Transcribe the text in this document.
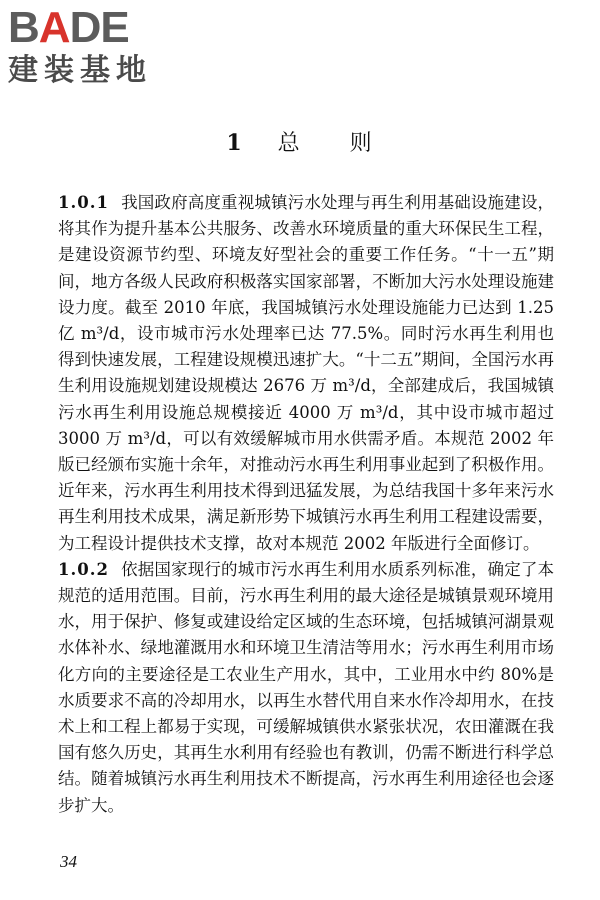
BADE
建装基地
1 总 则

1.0.1 我国政府高度重视城镇污水处理与再生利用基础设施建设，将其作为提升基本公共服务、改善水环境质量的重大环保民生工程，是建设资源节约型、环境友好型社会的重要工作任务。“十一五”期间，地方各级人民政府积极落实国家部署，不断加大污水处理设施建设力度。截至 2010 年底，我国城镇污水处理设施能力已达到 1.25 亿 m³/d，设市城市污水处理率已达 77.5%。同时污水再生利用也得到快速发展，工程建设规模迅速扩大。“十二五”期间，全国污水再生利用设施规划建设规模达 2676 万 m³/d，全部建成后，我国城镇污水再生利用设施总规模接近 4000 万 m³/d，其中设市城市超过 3000 万 m³/d，可以有效缓解城市用水供需矛盾。本规范 2002 年版已经颁布实施十余年，对推动污水再生利用事业起到了积极作用。近年来，污水再生利用技术得到迅猛发展，为总结我国十多年来污水再生利用技术成果，满足新形势下城镇污水再生利用工程建设需要，为工程设计提供技术支撑，故对本规范 2002 年版进行全面修订。

1.0.2 依据国家现行的城市污水再生利用水质系列标准，确定了本规范的适用范围。目前，污水再生利用的最大途径是城镇景观环境用水，用于保护、修复或建设给定区域的生态环境，包括城镇河湖景观水体补水、绿地灌溉用水和环境卫生清洁等用水；污水再生利用市场化方向的主要途径是工农业生产用水，其中，工业用水中约 80%是水质要求不高的冷却用水，以再生水替代用自来水作冷却用水，在技术上和工程上都易于实现，可缓解城镇供水紧张状况，农田灌溉在我国有悠久历史，其再生水利用有经验也有教训，仍需不断进行科学总结。随着城镇污水再生利用技术不断提高，污水再生利用途径也会逐步扩大。

34
